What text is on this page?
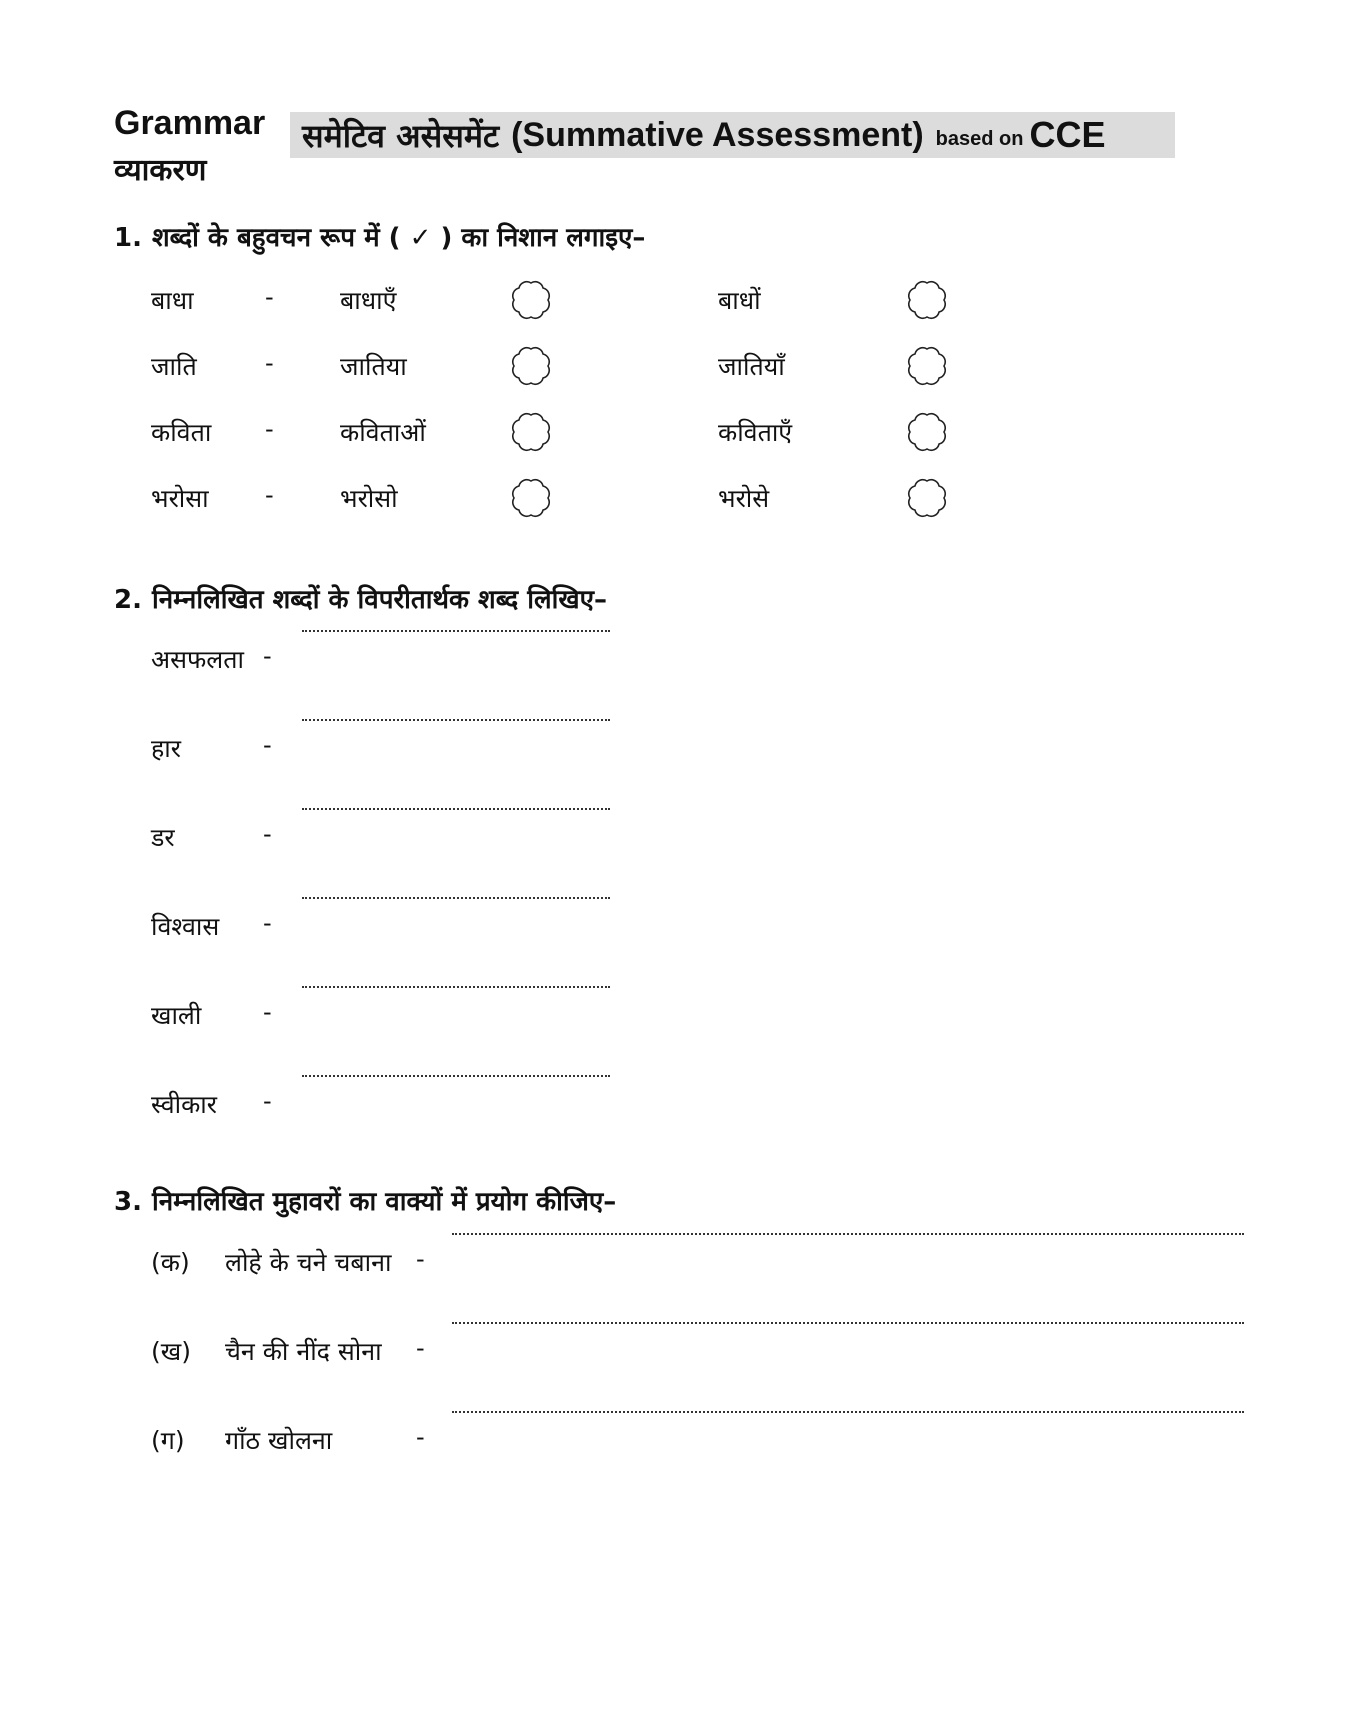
Grammar
व्याकरण
समेटिव असेसमेंट (Summative Assessment) based on CCE
1. शब्दों के बहुवचन रूप में ( ✓ ) का निशान लगाइए–
बाधा	-	बाधाएँ	बाधों
जाति	-	जातिया	जातियाँ
कविता -	कविताओं	कविताएँ
भरोसा -	भरोसो	भरोसे
2. निम्नलिखित शब्दों के विपरीतार्थक शब्द लिखिए–
असफलता -
हार	-
डर	-
विश्वास -
खाली	-
स्वीकार -
3. निम्नलिखित मुहावरों का वाक्यों में प्रयोग कीजिए–
(क) लोहे के चने चबाना -
(ख) चैन की नींद सोना -
(ग) गाँठ खोलना	-
